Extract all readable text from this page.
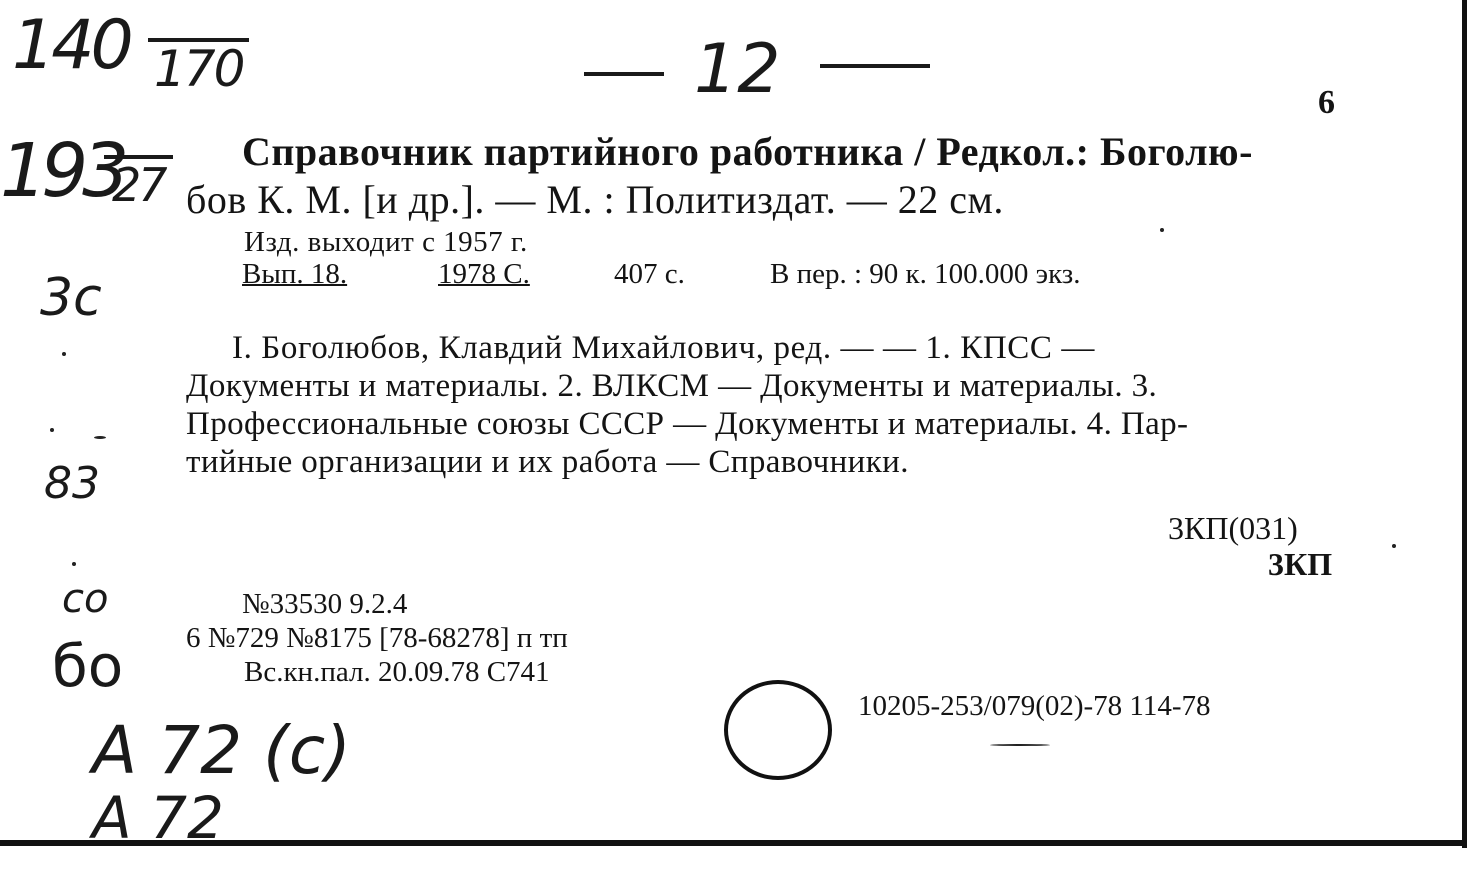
140 170
193
27
3c
83
co
бо
A 72 (c)
A 72
12	6
Справочник партийного работника / Редкол.: Боголю-
бов К. М. [и др.]. — М. : Политиздат. — 22 см.
Изд. выходит с 1957 г.
Вып. 18.	1978 С.	407 с.	В пер. : 90 к. 100.000 экз.
I. Боголюбов, Клавдий Михайлович, ред. — — 1. КПСС —
Документы и материалы. 2. ВЛКСМ — Документы и материалы. 3.
Профессиональные союзы СССР — Документы и материалы. 4. Пар-
тийные организации и их работа — Справочники.
3КП(031)
3КП
№33530 9.2.4
6 №729 №8175 [78-68278] п тп
Вс.кн.пал. 20.09.78 С741
10205-253/079(02)-78 114-78
